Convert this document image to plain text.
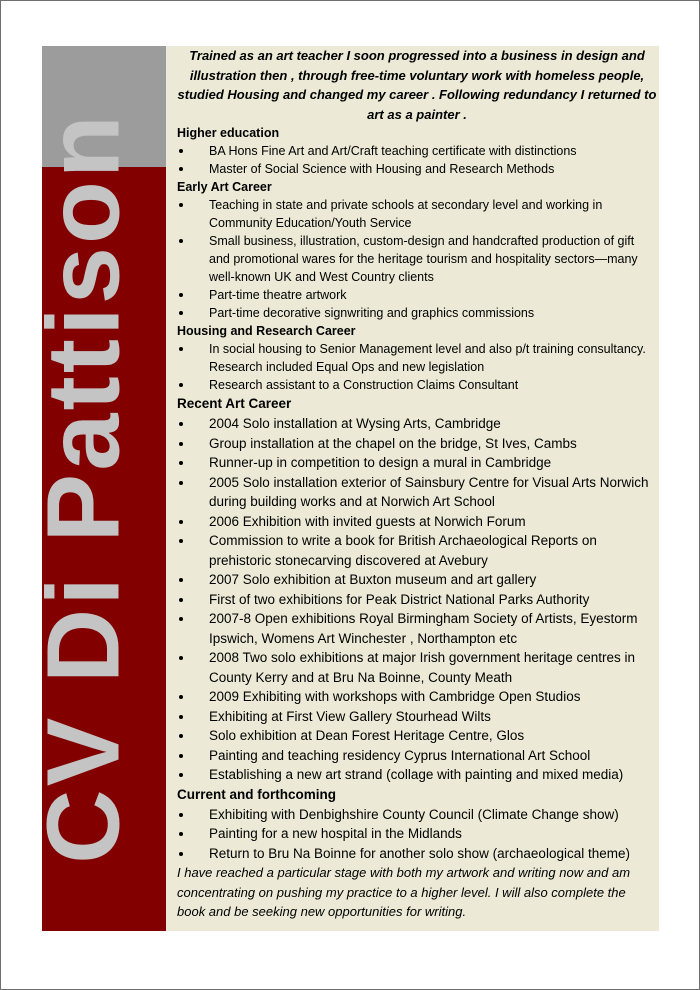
CV Di Pattison

Trained as an art teacher I soon progressed into a business in design and illustration then , through free-time voluntary work with homeless people, studied Housing and changed my career . Following redundancy I returned to art as a painter .

Higher education

BA Hons Fine Art and Art/Craft teaching certificate with distinctions
Master of Social Science with Housing and Research Methods

Early Art Career

Teaching in state and private schools at secondary level and working in Community Education/Youth Service
Small business, illustration, custom-design and handcrafted production of gift and promotional wares for the heritage tourism and hospitality sectors—many well-known UK and West Country clients
Part-time theatre artwork
Part-time decorative signwriting and graphics commissions

Housing and Research Career

In social housing to Senior Management level and also p/t training consultancy. Research included Equal Ops and new legislation
Research assistant to a Construction Claims Consultant

Recent Art Career

2004 Solo installation at Wysing Arts, Cambridge
Group installation at the chapel on the bridge, St Ives, Cambs
Runner-up in competition to design a mural in Cambridge
2005 Solo installation exterior of Sainsbury Centre for Visual Arts Norwich during building works and at Norwich Art School
2006 Exhibition with invited guests at Norwich Forum
Commission to write a book for British Archaeological Reports on prehistoric stonecarving discovered at Avebury
2007 Solo exhibition at Buxton museum and art gallery
First of two exhibitions for Peak District National Parks Authority
2007-8 Open exhibitions Royal Birmingham Society of Artists, Eyestorm Ipswich, Womens Art Winchester , Northampton etc
2008 Two solo exhibitions at major Irish government heritage centres in County Kerry and at Bru Na Boinne, County Meath
2009 Exhibiting with workshops with Cambridge Open Studios
Exhibiting at First View Gallery Stourhead Wilts
Solo exhibition at Dean Forest Heritage Centre, Glos
Painting and teaching residency Cyprus International Art School
Establishing a new art strand (collage with painting and mixed media)

Current and forthcoming

Exhibiting with Denbighshire County Council (Climate Change show)
Painting for a new hospital in the Midlands
Return to Bru Na Boinne for another solo show (archaeological theme)

I have reached a particular stage with both my artwork and writing now and am concentrating on pushing my practice to a higher level. I will also complete the book and be seeking new opportunities for writing.
